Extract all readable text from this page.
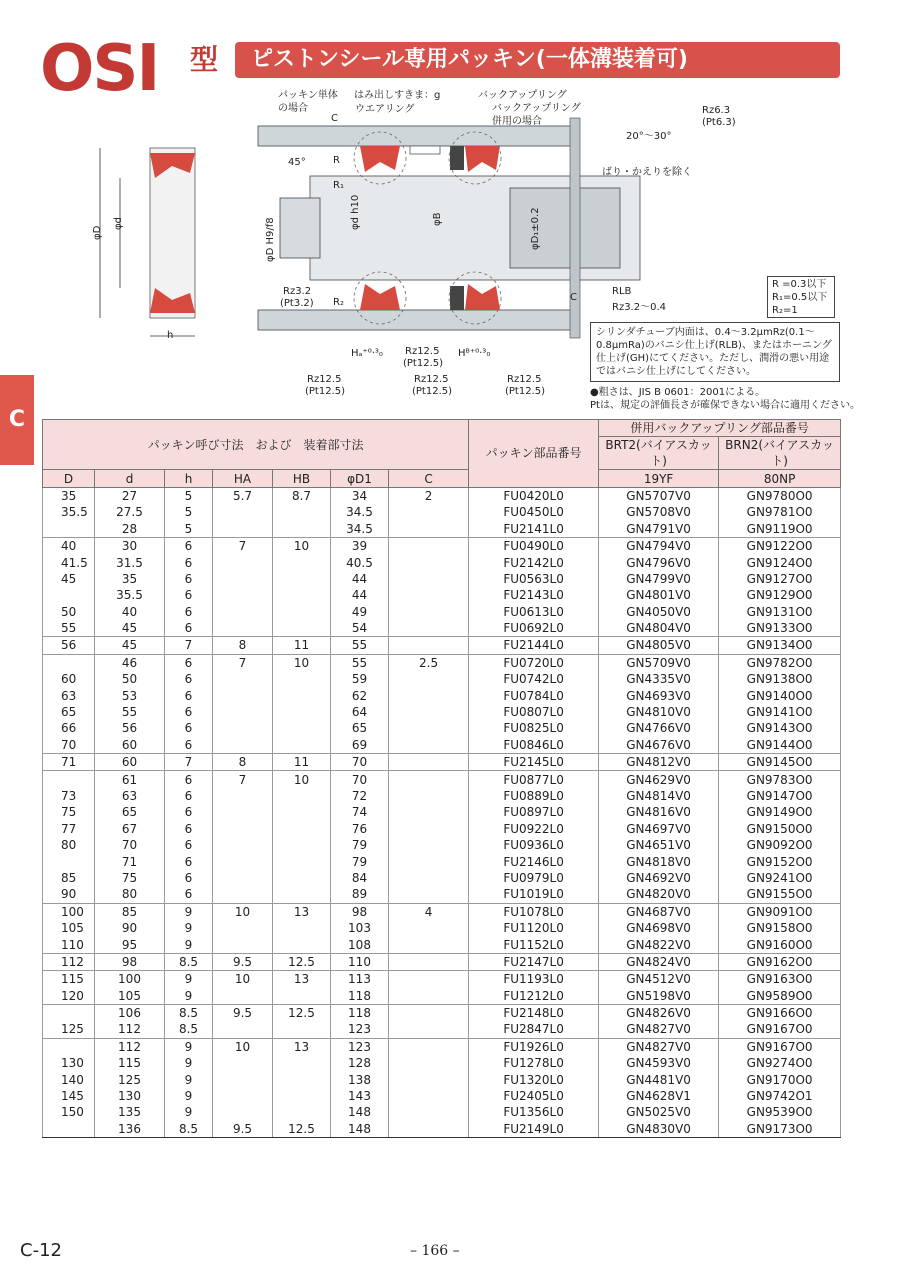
OSI 型	ピストンシール専用パッキン(一体溝装着可)
C
パッキン単体
の場合
はみ出しすきま：g
ウエアリング
バックアップリング
バックアップリング
併用の場合
Rz6.3
(Pt6.3)
20°〜30°
ばり・かえりを除く
C
45°	R
R₁
R₂
φd h10	φB
φD H9/f8	φD₁±0.2
Rz3.2
(Pt3.2)
RLB
Rz3.2〜0.4
C
Hₐ⁺⁰·³₀	Hᴮ⁺⁰·³₀
Rz12.5
(Pt12.5)
Rz12.5
(Pt12.5)
Rz12.5
(Pt12.5)
Rz12.5
(Pt12.5)
φD
φd
h
R =0.3以下
R₁=0.5以下
R₂=1
シリンダチューブ内面は、0.4〜3.2μmRz(0.1〜0.8μmRa)のバニシ仕上げ(RLB)、またはホーニング仕上げ(GH)にてください。ただし、潤滑の悪い用途ではバニシ仕上げにしてください。
●粗さは、JIS B 0601：2001による。
Ptは、規定の評価長さが確保できない場合に適用ください。
パッキン呼び寸法　および　装着部寸法							パッキン部品番号	併用バックアップリング部品番号	
								BRT2(バイアスカット)	BRN2(バイアスカット)
D	d	h	HA	HB	φD1	C		19YF	80NP
35	27	5	5.7	8.7	34	2	FU0420L0	GN5707V0	GN9780O0
35.5	27.5	5			34.5		FU0450L0	GN5708V0	GN9781O0
	28	5			34.5		FU2141L0	GN4791V0	GN9119O0
40	30	6	7	10	39		FU0490L0	GN4794V0	GN9122O0
41.5	31.5	6			40.5		FU2142L0	GN4796V0	GN9124O0
45	35	6			44		FU0563L0	GN4799V0	GN9127O0
	35.5	6			44		FU2143L0	GN4801V0	GN9129O0
50	40	6			49		FU0613L0	GN4050V0	GN9131O0
55	45	6			54		FU0692L0	GN4804V0	GN9133O0
56	45	7	8	11	55		FU2144L0	GN4805V0	GN9134O0
	46	6	7	10	55	2.5	FU0720L0	GN5709V0	GN9782O0
60	50	6			59		FU0742L0	GN4335V0	GN9138O0
63	53	6			62		FU0784L0	GN4693V0	GN9140O0
65	55	6			64		FU0807L0	GN4810V0	GN9141O0
66	56	6			65		FU0825L0	GN4766V0	GN9143O0
70	60	6			69		FU0846L0	GN4676V0	GN9144O0
71	60	7	8	11	70		FU2145L0	GN4812V0	GN9145O0
	61	6	7	10	70		FU0877L0	GN4629V0	GN9783O0
73	63	6			72		FU0889L0	GN4814V0	GN9147O0
75	65	6			74		FU0897L0	GN4816V0	GN9149O0
77	67	6			76		FU0922L0	GN4697V0	GN9150O0
80	70	6			79		FU0936L0	GN4651V0	GN9092O0
	71	6			79		FU2146L0	GN4818V0	GN9152O0
85	75	6			84		FU0979L0	GN4692V0	GN9241O0
90	80	6			89		FU1019L0	GN4820V0	GN9155O0
100	85	9	10	13	98	4	FU1078L0	GN4687V0	GN9091O0
105	90	9			103		FU1120L0	GN4698V0	GN9158O0
110	95	9			108		FU1152L0	GN4822V0	GN9160O0
112	98	8.5	9.5	12.5	110		FU2147L0	GN4824V0	GN9162O0
115	100	9	10	13	113		FU1193L0	GN4512V0	GN9163O0
120	105	9			118		FU1212L0	GN5198V0	GN9589O0
	106	8.5	9.5	12.5	118		FU2148L0	GN4826V0	GN9166O0
125	112	8.5			123		FU2847L0	GN4827V0	GN9167O0
	112	9	10	13	123		FU1926L0	GN4827V0	GN9167O0
130	115	9			128		FU1278L0	GN4593V0	GN9274O0
140	125	9			138		FU1320L0	GN4481V0	GN9170O0
145	130	9			143		FU2405L0	GN4628V1	GN9742O1
150	135	9			148		FU1356L0	GN5025V0	GN9539O0
	136	8.5	9.5	12.5	148		FU2149L0	GN4830V0	GN9173O0
C-12	– 166 –
